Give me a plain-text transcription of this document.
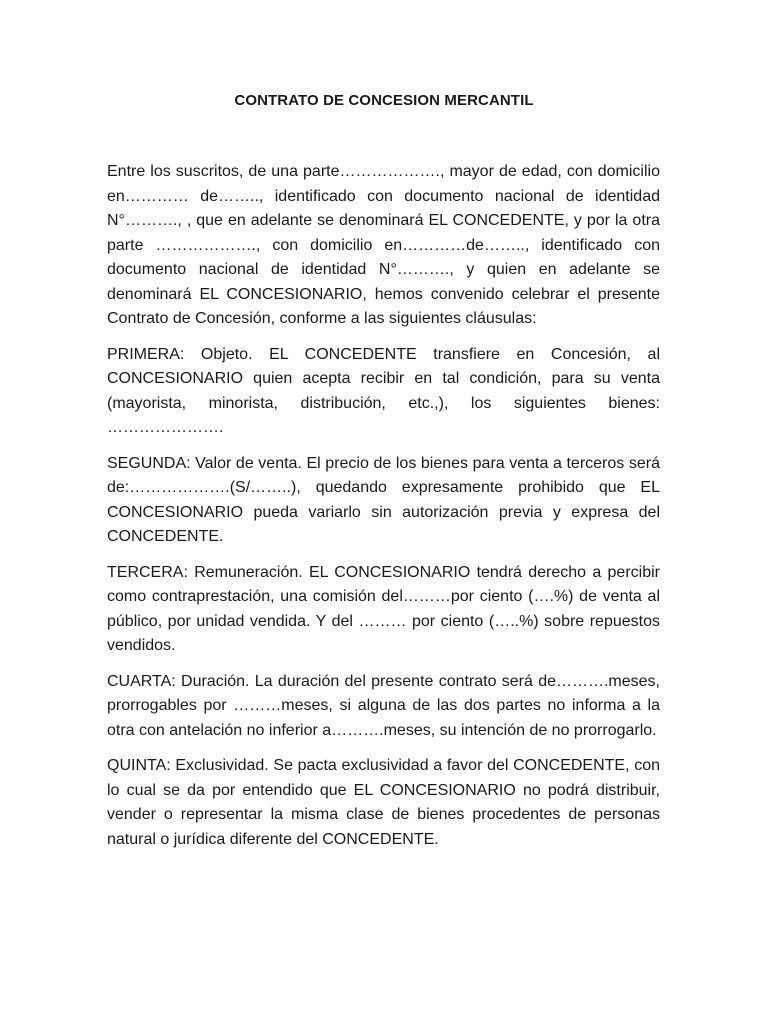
CONTRATO DE CONCESION MERCANTIL

Entre los suscritos, de una parte………………., mayor de edad, con domicilio en………… de…….., identificado con documento nacional de identidad N°………., , que en adelante se denominará EL CONCEDENTE, y por la otra parte ………………., con domicilio en…………de…….., identificado con documento nacional de identidad N°………., y quien en adelante se denominará EL CONCESIONARIO, hemos convenido celebrar el presente Contrato de Concesión, conforme a las siguientes cláusulas:

PRIMERA: Objeto. EL CONCEDENTE transfiere en Concesión, al CONCESIONARIO quien acepta recibir en tal condición, para su venta (mayorista, minorista, distribución, etc.,), los siguientes bienes: ………………….

SEGUNDA: Valor de venta. El precio de los bienes para venta a terceros será de:……………….(S/……..), quedando expresamente prohibido que EL CONCESIONARIO pueda variarlo sin autorización previa y expresa del CONCEDENTE.

TERCERA: Remuneración. EL CONCESIONARIO tendrá derecho a percibir como contraprestación, una comisión del………por ciento (….%) de venta al público, por unidad vendida. Y del ……… por ciento (…..%) sobre repuestos vendidos.

CUARTA: Duración. La duración del presente contrato será de……….meses, prorrogables por ………meses, si alguna de las dos partes no informa a la otra con antelación no inferior a……….meses, su intención de no prorrogarlo.

QUINTA: Exclusividad. Se pacta exclusividad a favor del CONCEDENTE, con lo cual se da por entendido que EL CONCESIONARIO no podrá distribuir, vender o representar la misma clase de bienes procedentes de personas natural o jurídica diferente del CONCEDENTE.
